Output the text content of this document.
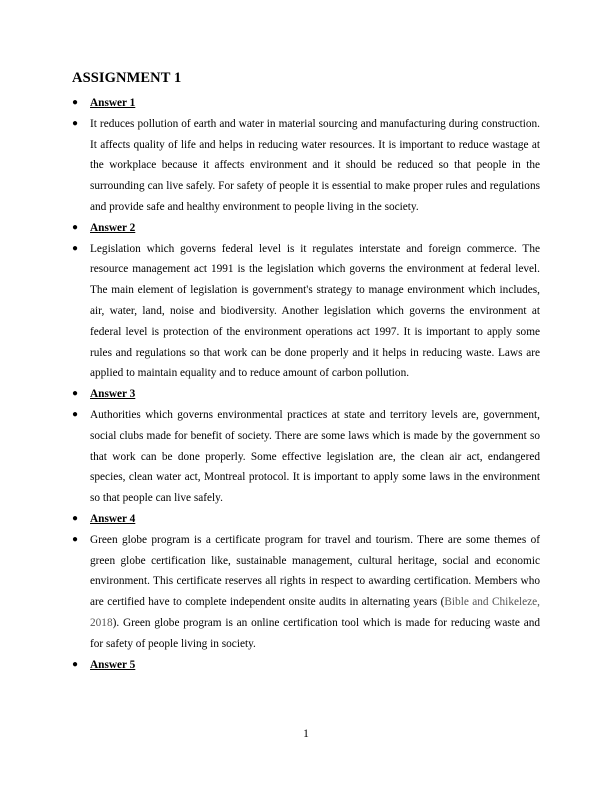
ASSIGNMENT 1
● Answer 1
● It reduces pollution of earth and water in material sourcing and manufacturing during construction. It affects quality of life and helps in reducing water resources. It is important to reduce wastage at the workplace because it affects environment and it should be reduced so that people in the surrounding can live safely. For safety of people it is essential to make proper rules and regulations and provide safe and healthy environment to people living in the society.
● Answer 2
● Legislation which governs federal level is it regulates interstate and foreign commerce. The resource management act 1991 is the legislation which governs the environment at federal level. The main element of legislation is government's strategy to manage environment which includes, air, water, land, noise and biodiversity. Another legislation which governs the environment at federal level is protection of the environment operations act 1997. It is important to apply some rules and regulations so that work can be done properly and it helps in reducing waste. Laws are applied to maintain equality and to reduce amount of carbon pollution.
● Answer 3
● Authorities which governs environmental practices at state and territory levels are, government, social clubs made for benefit of society. There are some laws which is made by the government so that work can be done properly. Some effective legislation are, the clean air act, endangered species, clean water act, Montreal protocol. It is important to apply some laws in the environment so that people can live safely.
● Answer 4
● Green globe program is a certificate program for travel and tourism. There are some themes of green globe certification like, sustainable management, cultural heritage, social and economic environment. This certificate reserves all rights in respect to awarding certification. Members who are certified have to complete independent onsite audits in alternating years (Bible and Chikeleze, 2018). Green globe program is an online certification tool which is made for reducing waste and for safety of people living in society.
● Answer 5
1
